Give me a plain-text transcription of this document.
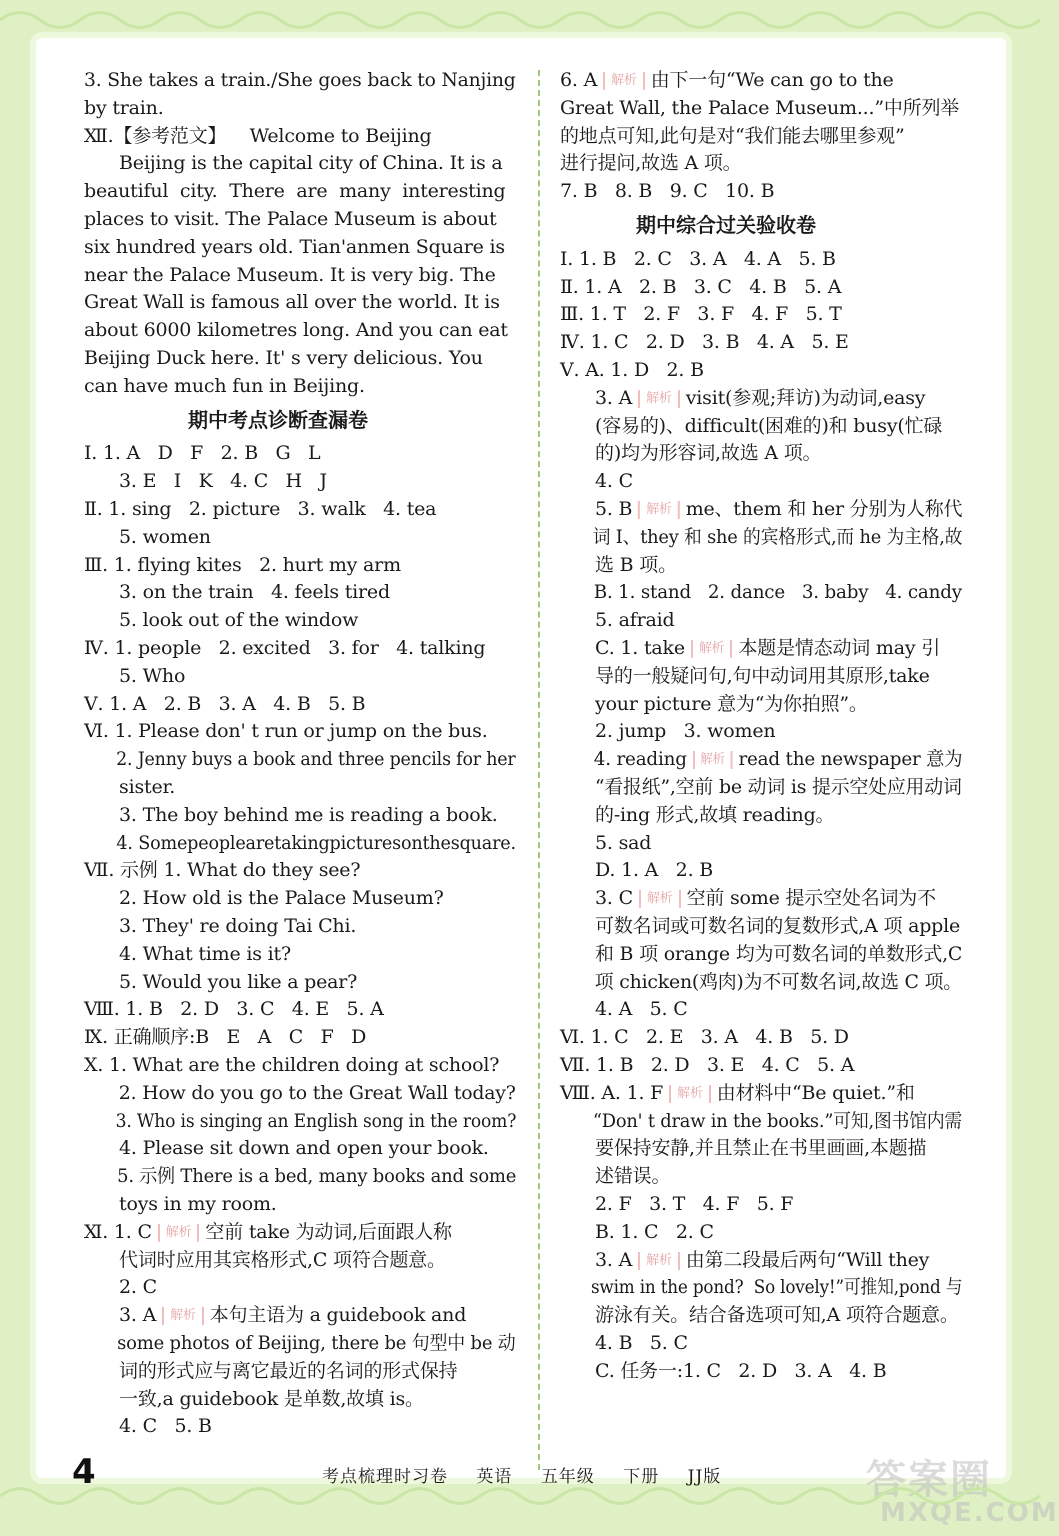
3. She takes a train./She goes back to Nanjing
by train.
Ⅻ.【参考范文】    Welcome to Beijing
Beijing is the capital city of China. It is a
beautiful  city.  There  are  many  interesting
places to visit. The Palace Museum is about
six hundred years old. Tian'anmen Square is
near the Palace Museum. It is very big. The
Great Wall is famous all over the world. It is
about 6000 kilometres long. And you can eat
Beijing Duck here. It' s very delicious. You
can have much fun in Beijing.
期中考点诊断查漏卷
Ⅰ. 1. A   D   F   2. B   G   L
3. E   I   K   4. C   H   J
Ⅱ. 1. sing   2. picture   3. walk   4. tea
5. women
Ⅲ. 1. flying kites   2. hurt my arm
3. on the train   4. feels tired
5. look out of the window
Ⅳ. 1. people   2. excited   3. for   4. talking
5. Who
Ⅴ. 1. A   2. B   3. A   4. B   5. B
Ⅵ. 1. Please don' t run or jump on the bus.
2. Jenny buys a book and three pencils for her
sister.
3. The boy behind me is reading a book.
4. Somepeoplearetakingpicturesonthesquare.
Ⅶ. 示例 1. What do they see?
2. How old is the Palace Museum?
3. They' re doing Tai Chi.
4. What time is it?
5. Would you like a pear?
Ⅷ. 1. B   2. D   3. C   4. E   5. A
Ⅸ. 正确顺序:B   E   A   C   F   D
Ⅹ. 1. What are the children doing at school?
2. How do you go to the Great Wall today?
3. Who is singing an English song in the room?
4. Please sit down and open your book.
5. 示例 There is a bed, many books and some
toys in my room.
Ⅺ. 1. C 解析 空前 take 为动词,后面跟人称
代词时应用其宾格形式,C 项符合题意。
2. C
3. A 解析 本句主语为 a guidebook and
some photos of Beijing, there be 句型中 be 动
词的形式应与离它最近的名词的形式保持
一致,a guidebook 是单数,故填 is。
4. C   5. B
6. A 解析 由下一句“We can go to the
Great Wall, the Palace Museum...”中所列举
的地点可知,此句是对“我们能去哪里参观”
进行提问,故选 A 项。
7. B   8. B   9. C   10. B
期中综合过关验收卷
Ⅰ. 1. B   2. C   3. A   4. A   5. B
Ⅱ. 1. A   2. B   3. C   4. B   5. A
Ⅲ. 1. T   2. F   3. F   4. F   5. T
Ⅳ. 1. C   2. D   3. B   4. A   5. E
Ⅴ. A. 1. D   2. B
3. A 解析 visit(参观;拜访)为动词,easy
(容易的)、difficult(困难的)和 busy(忙碌
的)均为形容词,故选 A 项。
4. C
5. B 解析 me、them 和 her 分别为人称代
词 I、they 和 she 的宾格形式,而 he 为主格,故
选 B 项。
B. 1. stand   2. dance   3. baby   4. candy
5. afraid
C. 1. take 解析 本题是情态动词 may 引
导的一般疑问句,句中动词用其原形,take
your picture 意为“为你拍照”。
2. jump   3. women
4. reading 解析 read the newspaper 意为
“看报纸”,空前 be 动词 is 提示空处应用动词
的-ing 形式,故填 reading。
5. sad
D. 1. A   2. B
3. C 解析 空前 some 提示空处名词为不
可数名词或可数名词的复数形式,A 项 apple
和 B 项 orange 均为可数名词的单数形式,C
项 chicken(鸡肉)为不可数名词,故选 C 项。
4. A   5. C
Ⅵ. 1. C   2. E   3. A   4. B   5. D
Ⅶ. 1. B   2. D   3. E   4. C   5. A
Ⅷ. A. 1. F 解析 由材料中“Be quiet.”和
“Don' t draw in the books.”可知,图书馆内需
要保持安静,并且禁止在书里画画,本题描
述错误。
2. F   3. T   4. F   5. F
B. 1. C   2. C
3. A 解析 由第二段最后两句“Will they
swim in the pond?  So lovely!”可推知,pond 与
游泳有关。结合备选项可知,A 项符合题意。
4. B   5. C
C. 任务一:1. C   2. D   3. A   4. B
4	考点梳理时习卷 英语 五年级 下册 JJ版	答案圈
MXQE.COM
